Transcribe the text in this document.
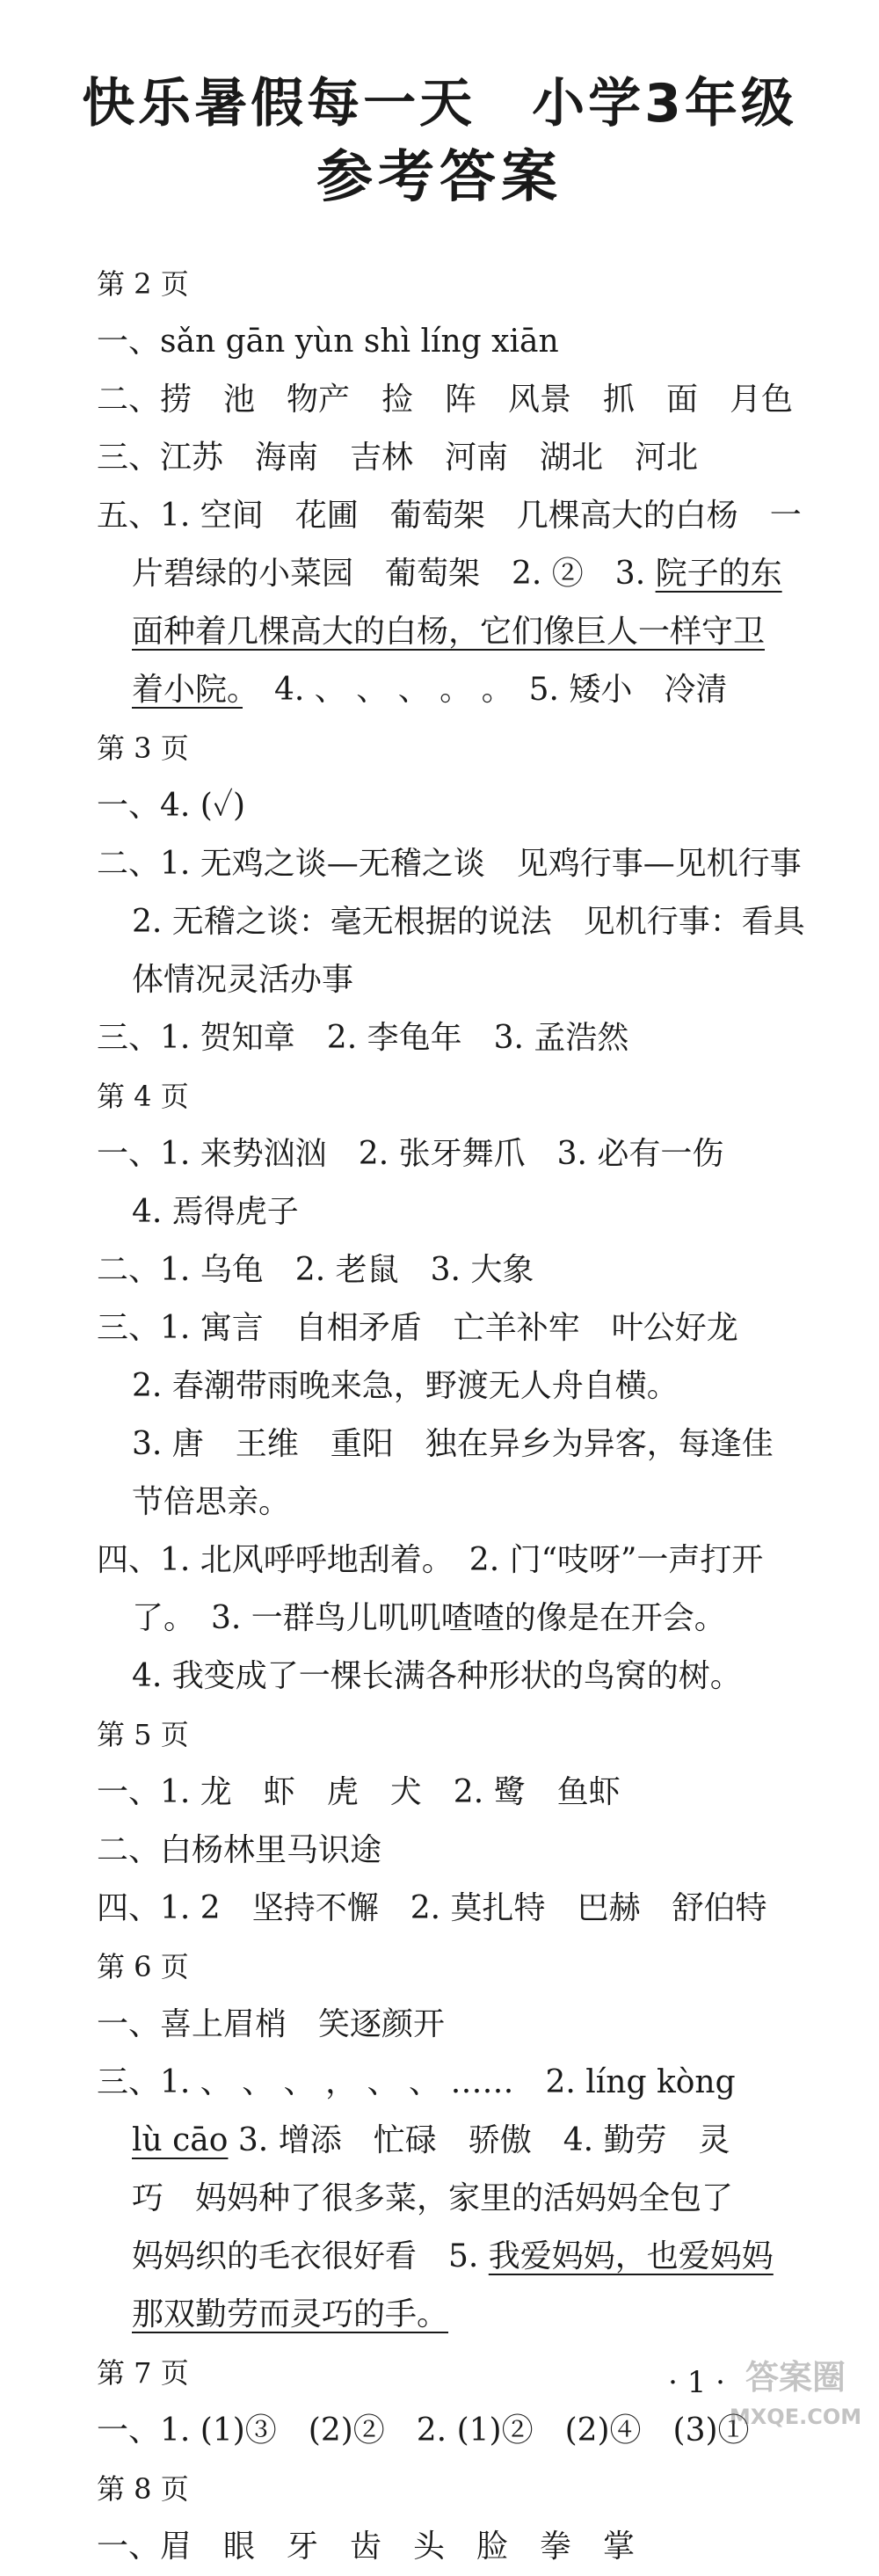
快乐暑假每一天　小学3年级
参考答案
第 2 页
一、sǎn gān yùn shì líng xiān
二、捞　池　物产　捡　阵　风景　抓　面　月色
三、江苏　海南　吉林　河南　湖北　河北
五、1. 空间　花圃　葡萄架　几棵高大的白杨　一
片碧绿的小菜园　葡萄架　2. ②　3. 院子的东
面种着几棵高大的白杨，它们像巨人一样守卫
着小院。　4. 、 、 、 。 。　5. 矮小　冷清
第 3 页
一、4. (✓)
二、1. 无鸡之谈—无稽之谈　见鸡行事—见机行事
2. 无稽之谈：毫无根据的说法　见机行事：看具
体情况灵活办事
三、1. 贺知章　2. 李龟年　3. 孟浩然
第 4 页
一、1. 来势汹汹　2. 张牙舞爪　3. 必有一伤
4. 焉得虎子
二、1. 乌龟　2. 老鼠　3. 大象
三、1. 寓言　自相矛盾　亡羊补牢　叶公好龙
2. 春潮带雨晚来急，野渡无人舟自横。
3. 唐　王维　重阳　独在异乡为异客，每逢佳
节倍思亲。
四、1. 北风呼呼地刮着。　2. 门“吱呀”一声打开
了。　3. 一群鸟儿叽叽喳喳的像是在开会。
4. 我变成了一棵长满各种形状的鸟窝的树。
第 5 页
一、1. 龙　虾　虎　犬　2. 鹭　鱼虾
二、白杨林里马识途
四、1. 2　坚持不懈　2. 莫扎特　巴赫　舒伯特
第 6 页
一、喜上眉梢　笑逐颜开
三、1. 、 、 、 ， 、 、 ……　2. líng kòng
lù cāo 3. 增添　忙碌　骄傲　4. 勤劳　灵
巧　妈妈种了很多菜，家里的活妈妈全包了
妈妈织的毛衣很好看　5. 我爱妈妈，也爱妈妈
那双勤劳而灵巧的手。
第 7 页
一、1. (1)③　(2)②　2. (1)②　(2)④　(3)①
第 8 页
一、眉　眼　牙　齿　头　脸　拳　掌
· 1 · 答案圈
MXQE.COM
